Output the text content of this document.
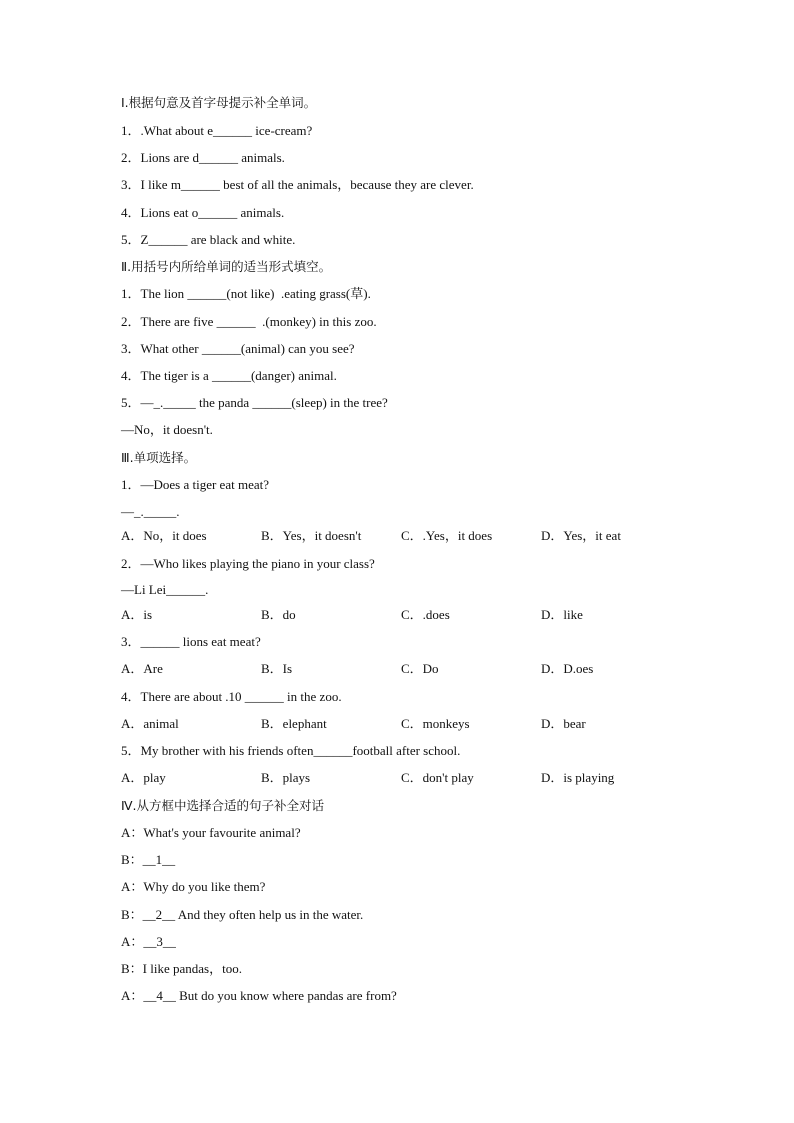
Ⅰ.根据句意及首字母提示补全单词。
1．.What about e______ ice-cream?
2．Lions are d______ animals.
3．I like m______ best of all the animals，because they are clever.
4．Lions eat o______ animals.
5．Z______ are black and white.
Ⅱ.用括号内所给单词的适当形式填空。
1．The lion ______(not like)  .eating grass(草).
2．There are five ______  .(monkey) in this zoo.
3．What other ______(animal) can you see?
4．The tiger is a ______(danger) animal.
5．—_._____ the panda ______(sleep) in the tree?
—No，it doesn't.
Ⅲ.单项选择。
1．—Does a tiger eat meat?
—_._____.
A．No，it does	B．Yes，it doesn't	C．.Yes，it does	D．Yes，it eat
2．—Who likes playing the piano in your class?
—Li Lei______.
A．is	B．do	C．.does	D．like
3．______ lions eat meat?
A．Are	B．Is	C．Do	D．D.oes
4．There are about .10 ______ in the zoo.
A．animal	B．elephant	C．monkeys	D．bear
5．My brother with his friends often______football after school.
A．play	B．plays	C．don't play	D．is playing
Ⅳ.从方框中选择合适的句子补全对话
A：What's your favourite animal?
B：__1__
A：Why do you like them?
B：__2__ And they often help us in the water.
A：__3__
B：I like pandas，too.
A：__4__ But do you know where pandas are from?
